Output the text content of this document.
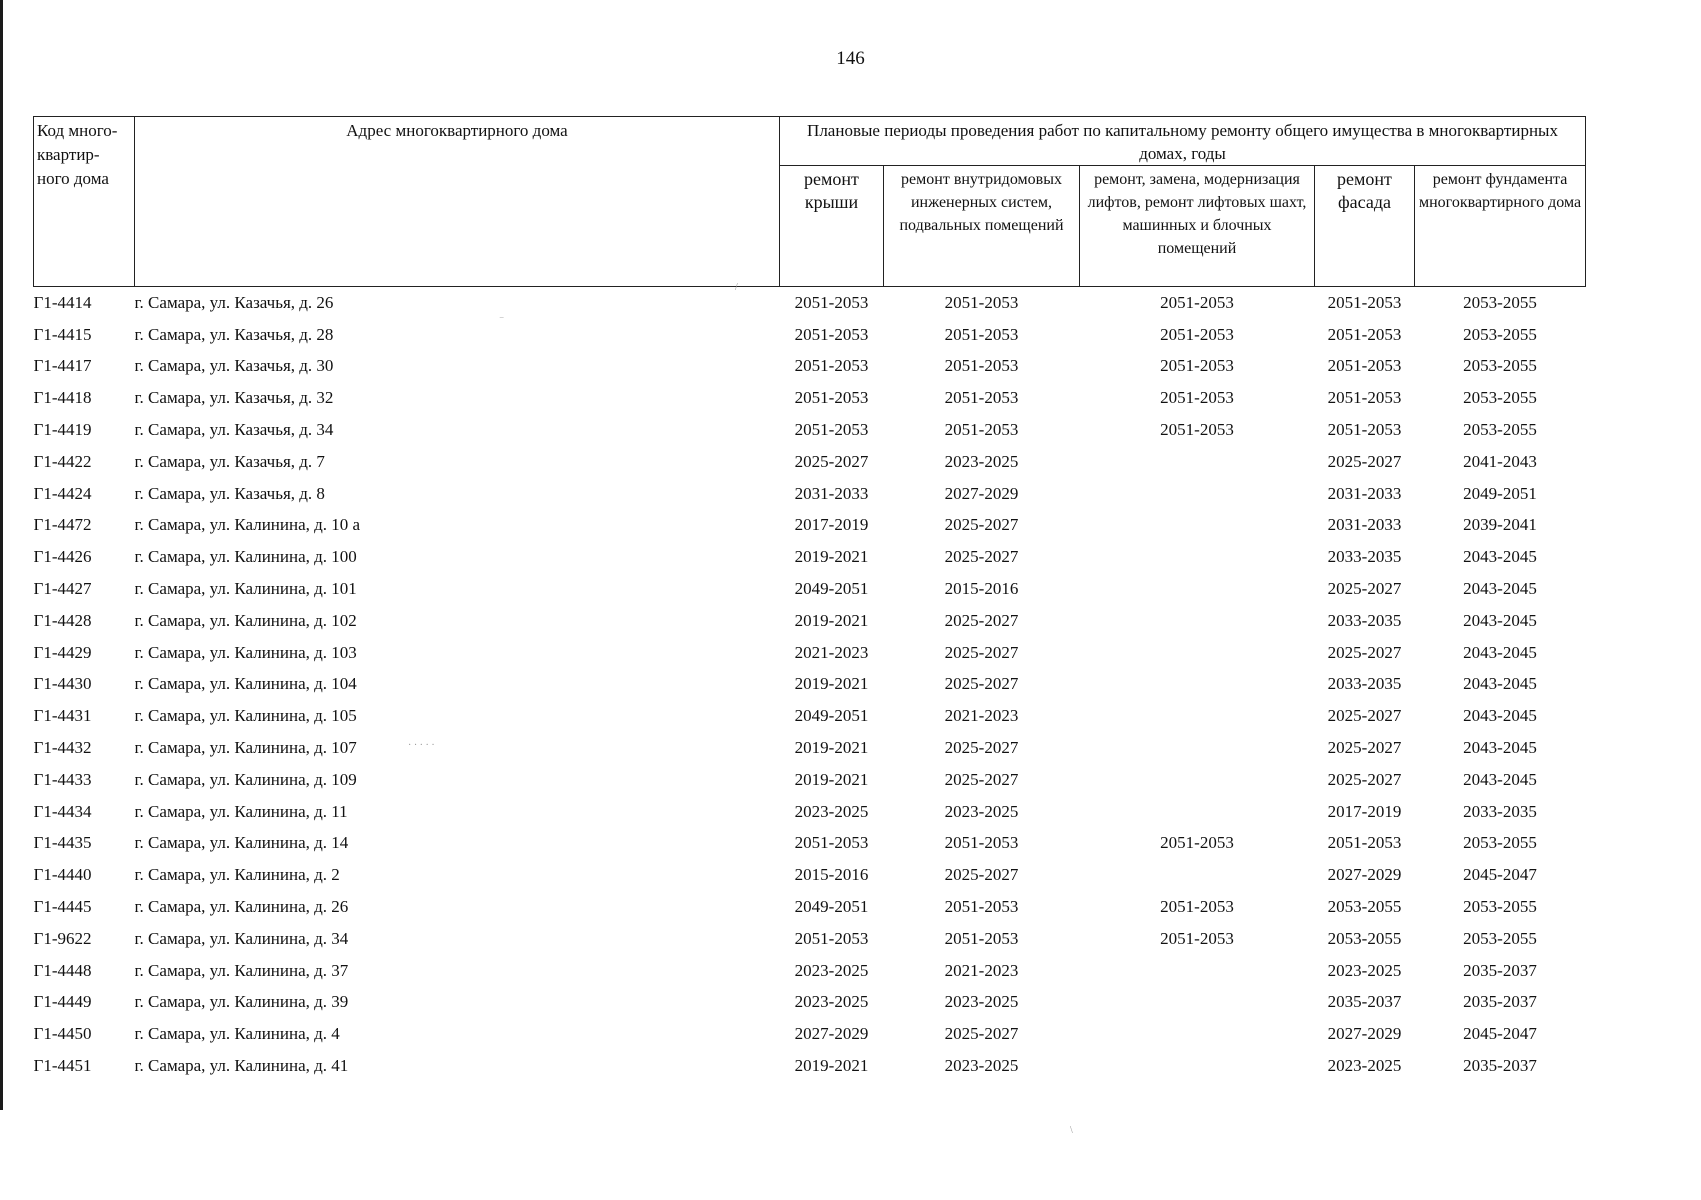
146
Код много-квартир-ного дома	Адрес многоквартирного дома	Плановые периоды проведения работ по капитальному ремонту общего имущества в многоквартирных домах, годы				
		ремонт крыши	ремонт внутридомовых инженерных систем, подвальных помещений	ремонт, замена, модернизация лифтов, ремонт лифтовых шахт, машинных и блочных помещений	ремонт фасада	ремонт фундамента многоквартирного дома
Г1-4414	г. Самара, ул. Казачья, д. 26	2051-2053	2051-2053	2051-2053	2051-2053	2053-2055
Г1-4415	г. Самара, ул. Казачья, д. 28	2051-2053	2051-2053	2051-2053	2051-2053	2053-2055
Г1-4417	г. Самара, ул. Казачья, д. 30	2051-2053	2051-2053	2051-2053	2051-2053	2053-2055
Г1-4418	г. Самара, ул. Казачья, д. 32	2051-2053	2051-2053	2051-2053	2051-2053	2053-2055
Г1-4419	г. Самара, ул. Казачья, д. 34	2051-2053	2051-2053	2051-2053	2051-2053	2053-2055
Г1-4422	г. Самара, ул. Казачья, д. 7	2025-2027	2023-2025		2025-2027	2041-2043
Г1-4424	г. Самара, ул. Казачья, д. 8	2031-2033	2027-2029		2031-2033	2049-2051
Г1-4472	г. Самара, ул. Калинина, д. 10 а	2017-2019	2025-2027		2031-2033	2039-2041
Г1-4426	г. Самара, ул. Калинина, д. 100	2019-2021	2025-2027		2033-2035	2043-2045
Г1-4427	г. Самара, ул. Калинина, д. 101	2049-2051	2015-2016		2025-2027	2043-2045
Г1-4428	г. Самара, ул. Калинина, д. 102	2019-2021	2025-2027		2033-2035	2043-2045
Г1-4429	г. Самара, ул. Калинина, д. 103	2021-2023	2025-2027		2025-2027	2043-2045
Г1-4430	г. Самара, ул. Калинина, д. 104	2019-2021	2025-2027		2033-2035	2043-2045
Г1-4431	г. Самара, ул. Калинина, д. 105	2049-2051	2021-2023		2025-2027	2043-2045
Г1-4432	г. Самара, ул. Калинина, д. 107	2019-2021	2025-2027		2025-2027	2043-2045
Г1-4433	г. Самара, ул. Калинина, д. 109	2019-2021	2025-2027		2025-2027	2043-2045
Г1-4434	г. Самара, ул. Калинина, д. 11	2023-2025	2023-2025		2017-2019	2033-2035
Г1-4435	г. Самара, ул. Калинина, д. 14	2051-2053	2051-2053	2051-2053	2051-2053	2053-2055
Г1-4440	г. Самара, ул. Калинина, д. 2	2015-2016	2025-2027		2027-2029	2045-2047
Г1-4445	г. Самара, ул. Калинина, д. 26	2049-2051	2051-2053	2051-2053	2053-2055	2053-2055
Г1-9622	г. Самара, ул. Калинина, д. 34	2051-2053	2051-2053	2051-2053	2053-2055	2053-2055
Г1-4448	г. Самара, ул. Калинина, д. 37	2023-2025	2021-2023		2023-2025	2035-2037
Г1-4449	г. Самара, ул. Калинина, д. 39	2023-2025	2023-2025		2035-2037	2035-2037
Г1-4450	г. Самара, ул. Калинина, д. 4	2027-2029	2025-2027		2027-2029	2045-2047
Г1-4451	г. Самара, ул. Калинина, д. 41	2019-2021	2023-2025		2023-2025	2035-2037
/
‾
· · · · ·
\
